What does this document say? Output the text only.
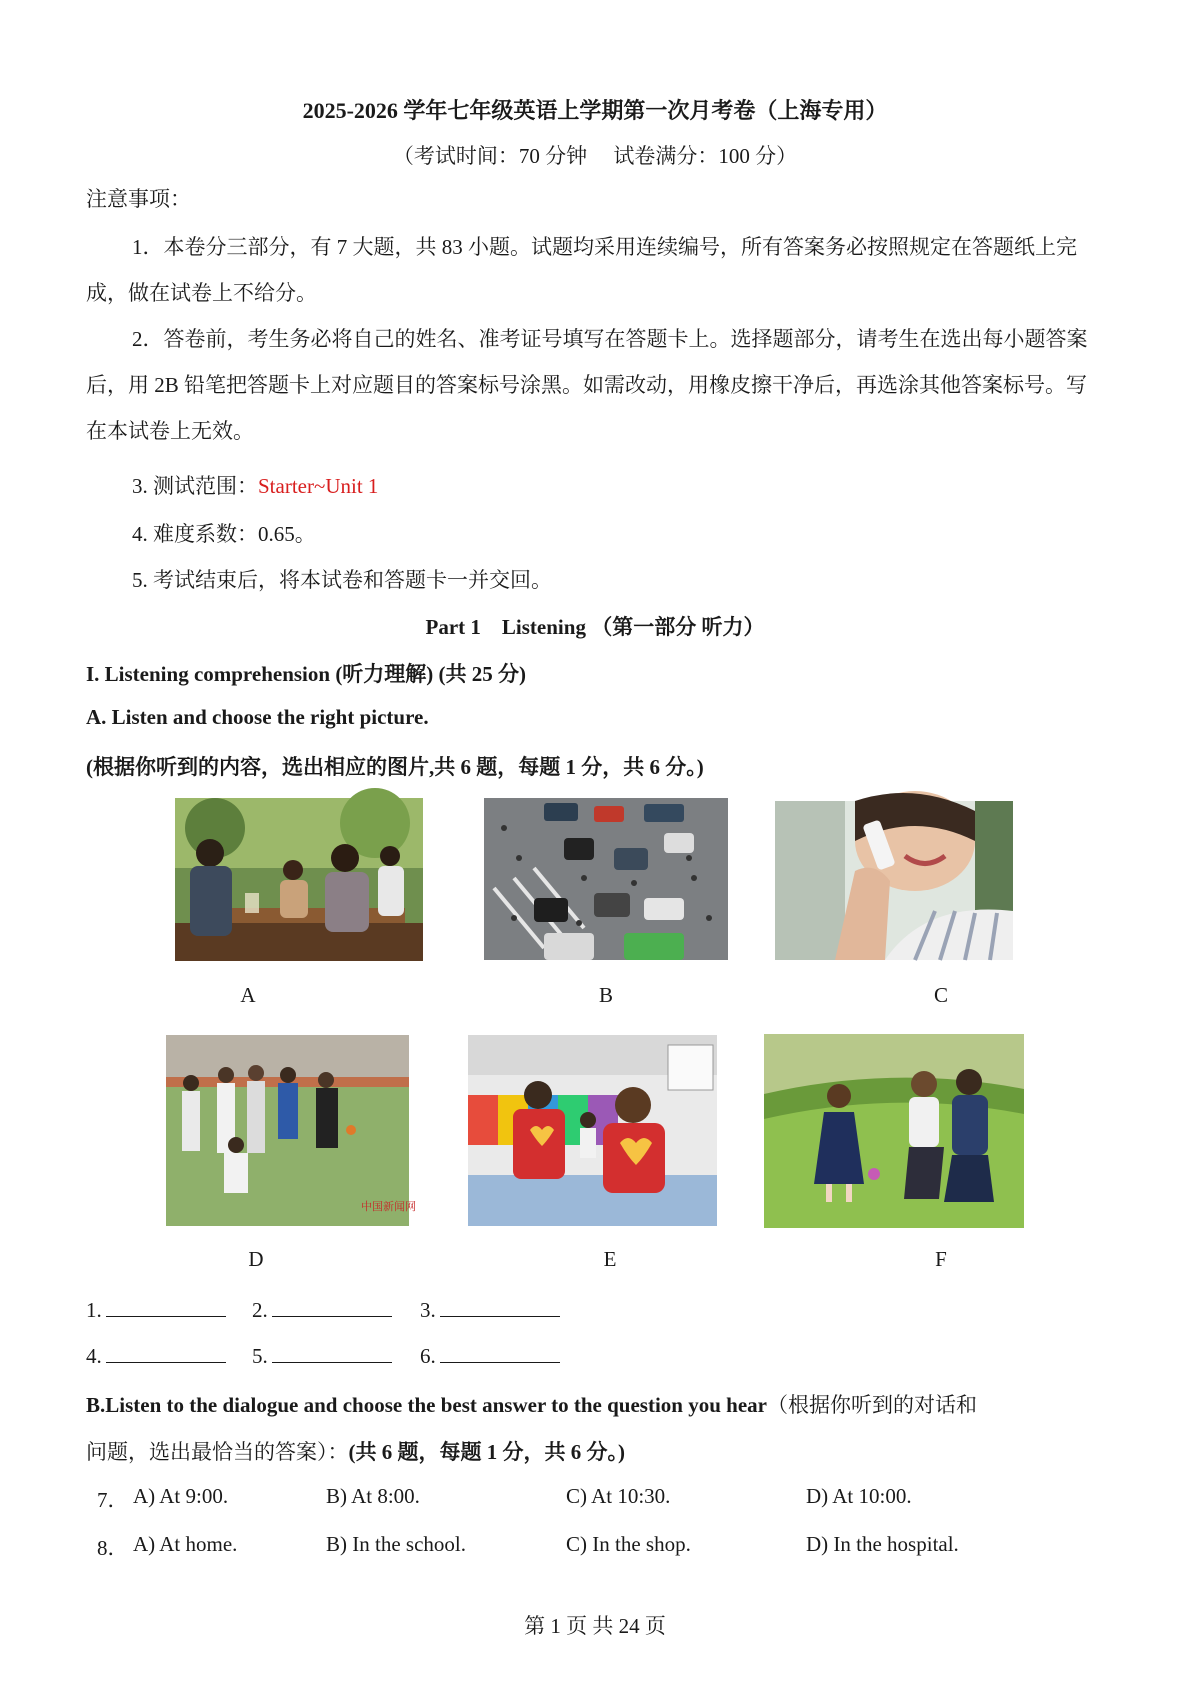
2025-2026 学年七年级英语上学期第一次月考卷（上海专用）
（考试时间：70 分钟　 试卷满分：100 分）
注意事项：
1．本卷分三部分，有 7 大题，共 83 小题。试题均采用连续编号，所有答案务必按照规定在答题纸上完成，做在试卷上不给分。
2．答卷前，考生务必将自己的姓名、准考证号填写在答题卡上。选择题部分，请考生在选出每小题答案后，用 2B 铅笔把答题卡上对应题目的答案标号涂黑。如需改动，用橡皮擦干净后，再选涂其他答案标号。写在本试卷上无效。
3. 测试范围：Starter~Unit 1
4. 难度系数：0.65。
5. 考试结束后，将本试卷和答题卡一并交回。
Part 1　Listening （第一部分 听力）
I. Listening comprehension (听力理解) (共 25 分)
A. Listen and choose the right picture.
(根据你听到的内容，选出相应的图片,共 6 题，每题 1 分，共 6 分。)
A	B	C
中国新闻网
D	E	F
1.	2.	3.
4.	5.	6.
B.Listen to the dialogue and choose the best answer to the question you hear（根据你听到的对话和
问题，选出最恰当的答案）：(共 6 题，每题 1 分，共 6 分。)
7． A) At 9:00.	B) At 8:00.	C) At 10:30.	D) At 10:00.
8． A) At home.	B) In the school.	C) In the shop.	D) In the hospital.
第 1 页 共 24 页
